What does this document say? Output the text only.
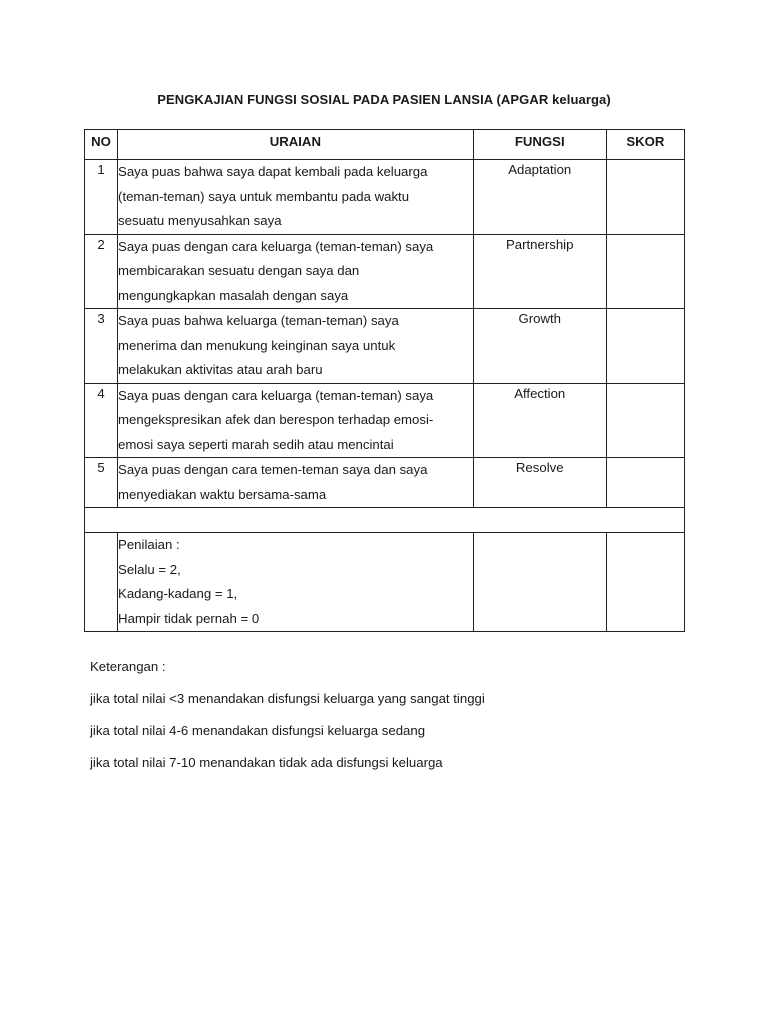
PENGKAJIAN FUNGSI SOSIAL PADA PASIEN LANSIA (APGAR keluarga)
NO	URAIAN	FUNGSI	SKOR
1	Saya puas bahwa saya dapat kembali pada keluarga
(teman-teman) saya untuk membantu pada waktu
sesuatu menyusahkan saya	Adaptation	
2	Saya puas dengan cara keluarga (teman-teman) saya
membicarakan sesuatu dengan saya dan
mengungkapkan masalah dengan saya	Partnership	
3	Saya puas bahwa keluarga (teman-teman) saya
menerima dan menukung keinginan saya untuk
melakukan aktivitas atau arah baru	Growth	
4	Saya puas dengan cara keluarga (teman-teman) saya
mengekspresikan afek dan berespon terhadap emosi-
emosi saya seperti marah sedih atau mencintai	Affection	
5	Saya puas dengan cara temen-teman saya dan saya
menyediakan waktu bersama-sama	Resolve	

	Penilaian :
Selalu = 2,
Kadang-kadang = 1,
Hampir tidak pernah = 0		

Keterangan :
jika total nilai <3 menandakan disfungsi keluarga yang sangat tinggi
jika total nilai 4-6 menandakan disfungsi keluarga sedang
jika total nilai 7-10 menandakan tidak ada disfungsi keluarga
